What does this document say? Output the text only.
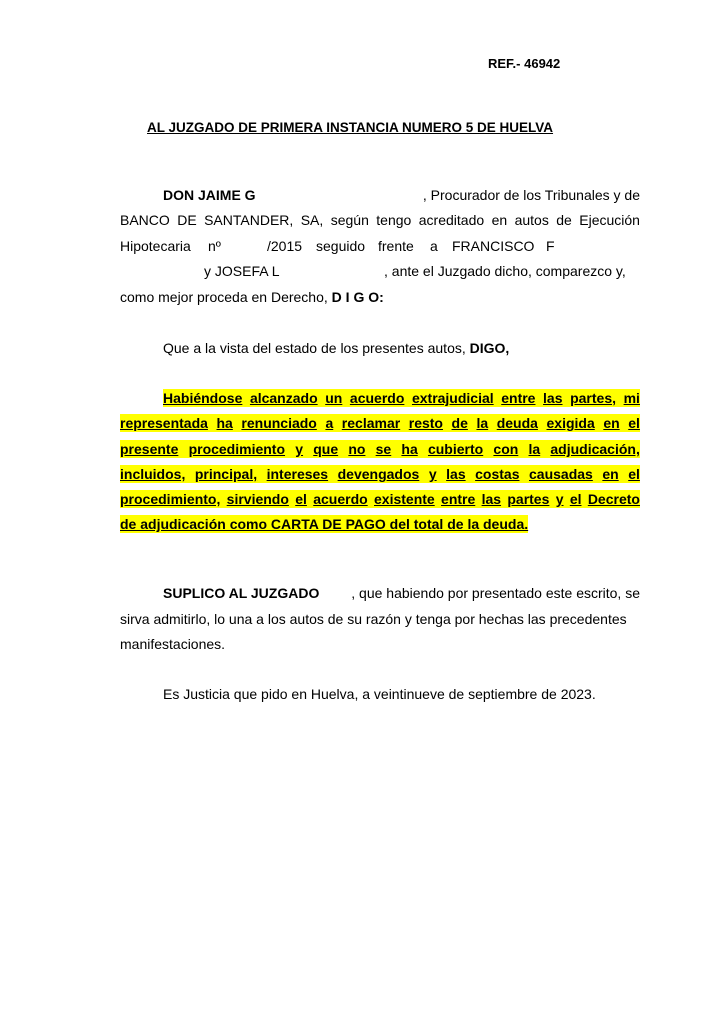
REF.- 46942
AL JUZGADO DE PRIMERA INSTANCIA NUMERO 5 DE HUELVA
DON JAIME G	, Procurador de los Tribunales y de
BANCO DE SANTANDER, SA, según tengo acreditado en autos de Ejecución
Hipotecaria nº	/2015 seguido frente a FRANCISCO F
y JOSEFA L	, ante el Juzgado dicho, comparezco y,
como mejor proceda en Derecho, D I G O:
Que a la vista del estado de los presentes autos, DIGO,
Habiéndose alcanzado un acuerdo extrajudicial entre las partes, mi
representada ha renunciado a reclamar resto de la deuda exigida en el
presente procedimiento y que no se ha cubierto con la adjudicación,
incluidos, principal, intereses devengados y las costas causadas en el
procedimiento, sirviendo el acuerdo existente entre las partes y el Decreto
de adjudicación como CARTA DE PAGO del total de la deuda.
SUPLICO AL JUZGADO , que habiendo por presentado este escrito, se
sirva admitirlo, lo una a los autos de su razón y tenga por hechas las precedentes
manifestaciones.
Es Justicia que pido en Huelva, a veintinueve de septiembre de 2023.
